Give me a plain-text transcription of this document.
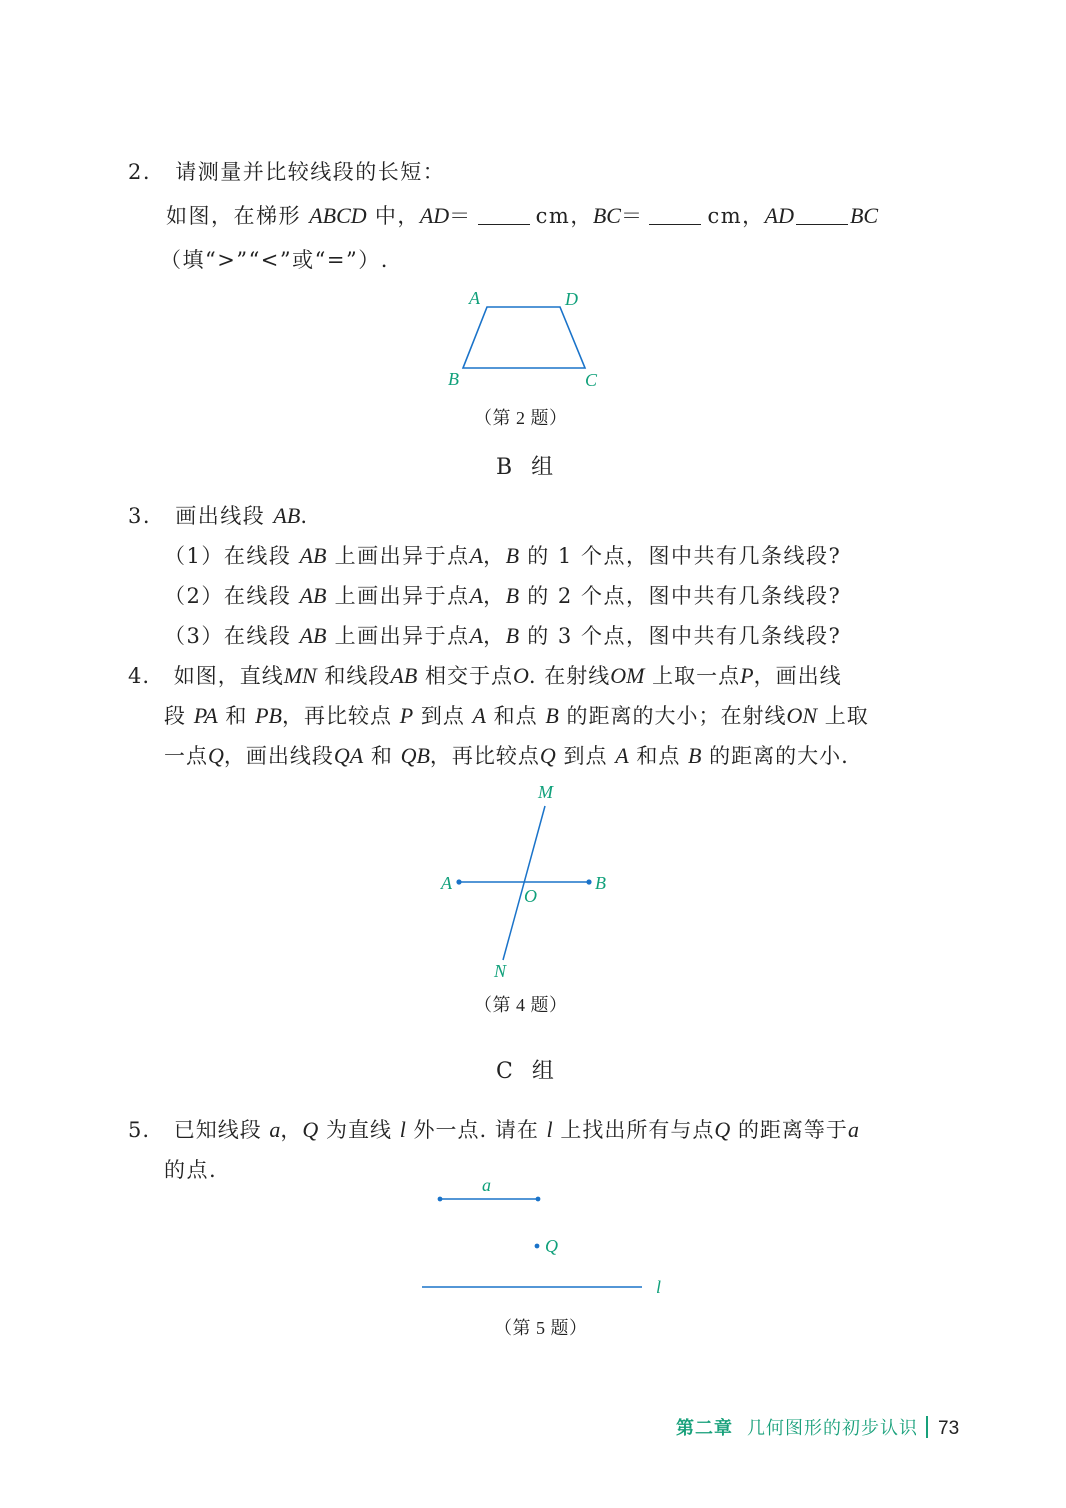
2. 请测量并比较线段的长短：
如图，在梯形 ABCD 中，AD＝	cm，BC＝	cm，AD	BC
（填“>”“<”或“=”）.
A	D
B	C
（第 2 题）
B 组
3. 画出线段 AB.
（1）在线段 AB 上画出异于点A，B 的 1 个点，图中共有几条线段?
（2）在线段 AB 上画出异于点A，B 的 2 个点，图中共有几条线段?
（3）在线段 AB 上画出异于点A，B 的 3 个点，图中共有几条线段?
4. 如图，直线MN 和线段AB 相交于点O. 在射线OM 上取一点P，画出线
段 PA 和 PB，再比较点 P 到点 A 和点 B 的距离的大小；在射线ON 上取
一点Q，画出线段QA 和 QB，再比较点Q 到点 A 和点 B 的距离的大小.
M
A	B
O
N
（第 4 题）
C 组
5. 已知线段 a，Q 为直线 l 外一点. 请在 l 上找出所有与点Q 的距离等于a
的点.
a
Q
l
（第 5 题）
第二章 几何图形的初步认识 73
